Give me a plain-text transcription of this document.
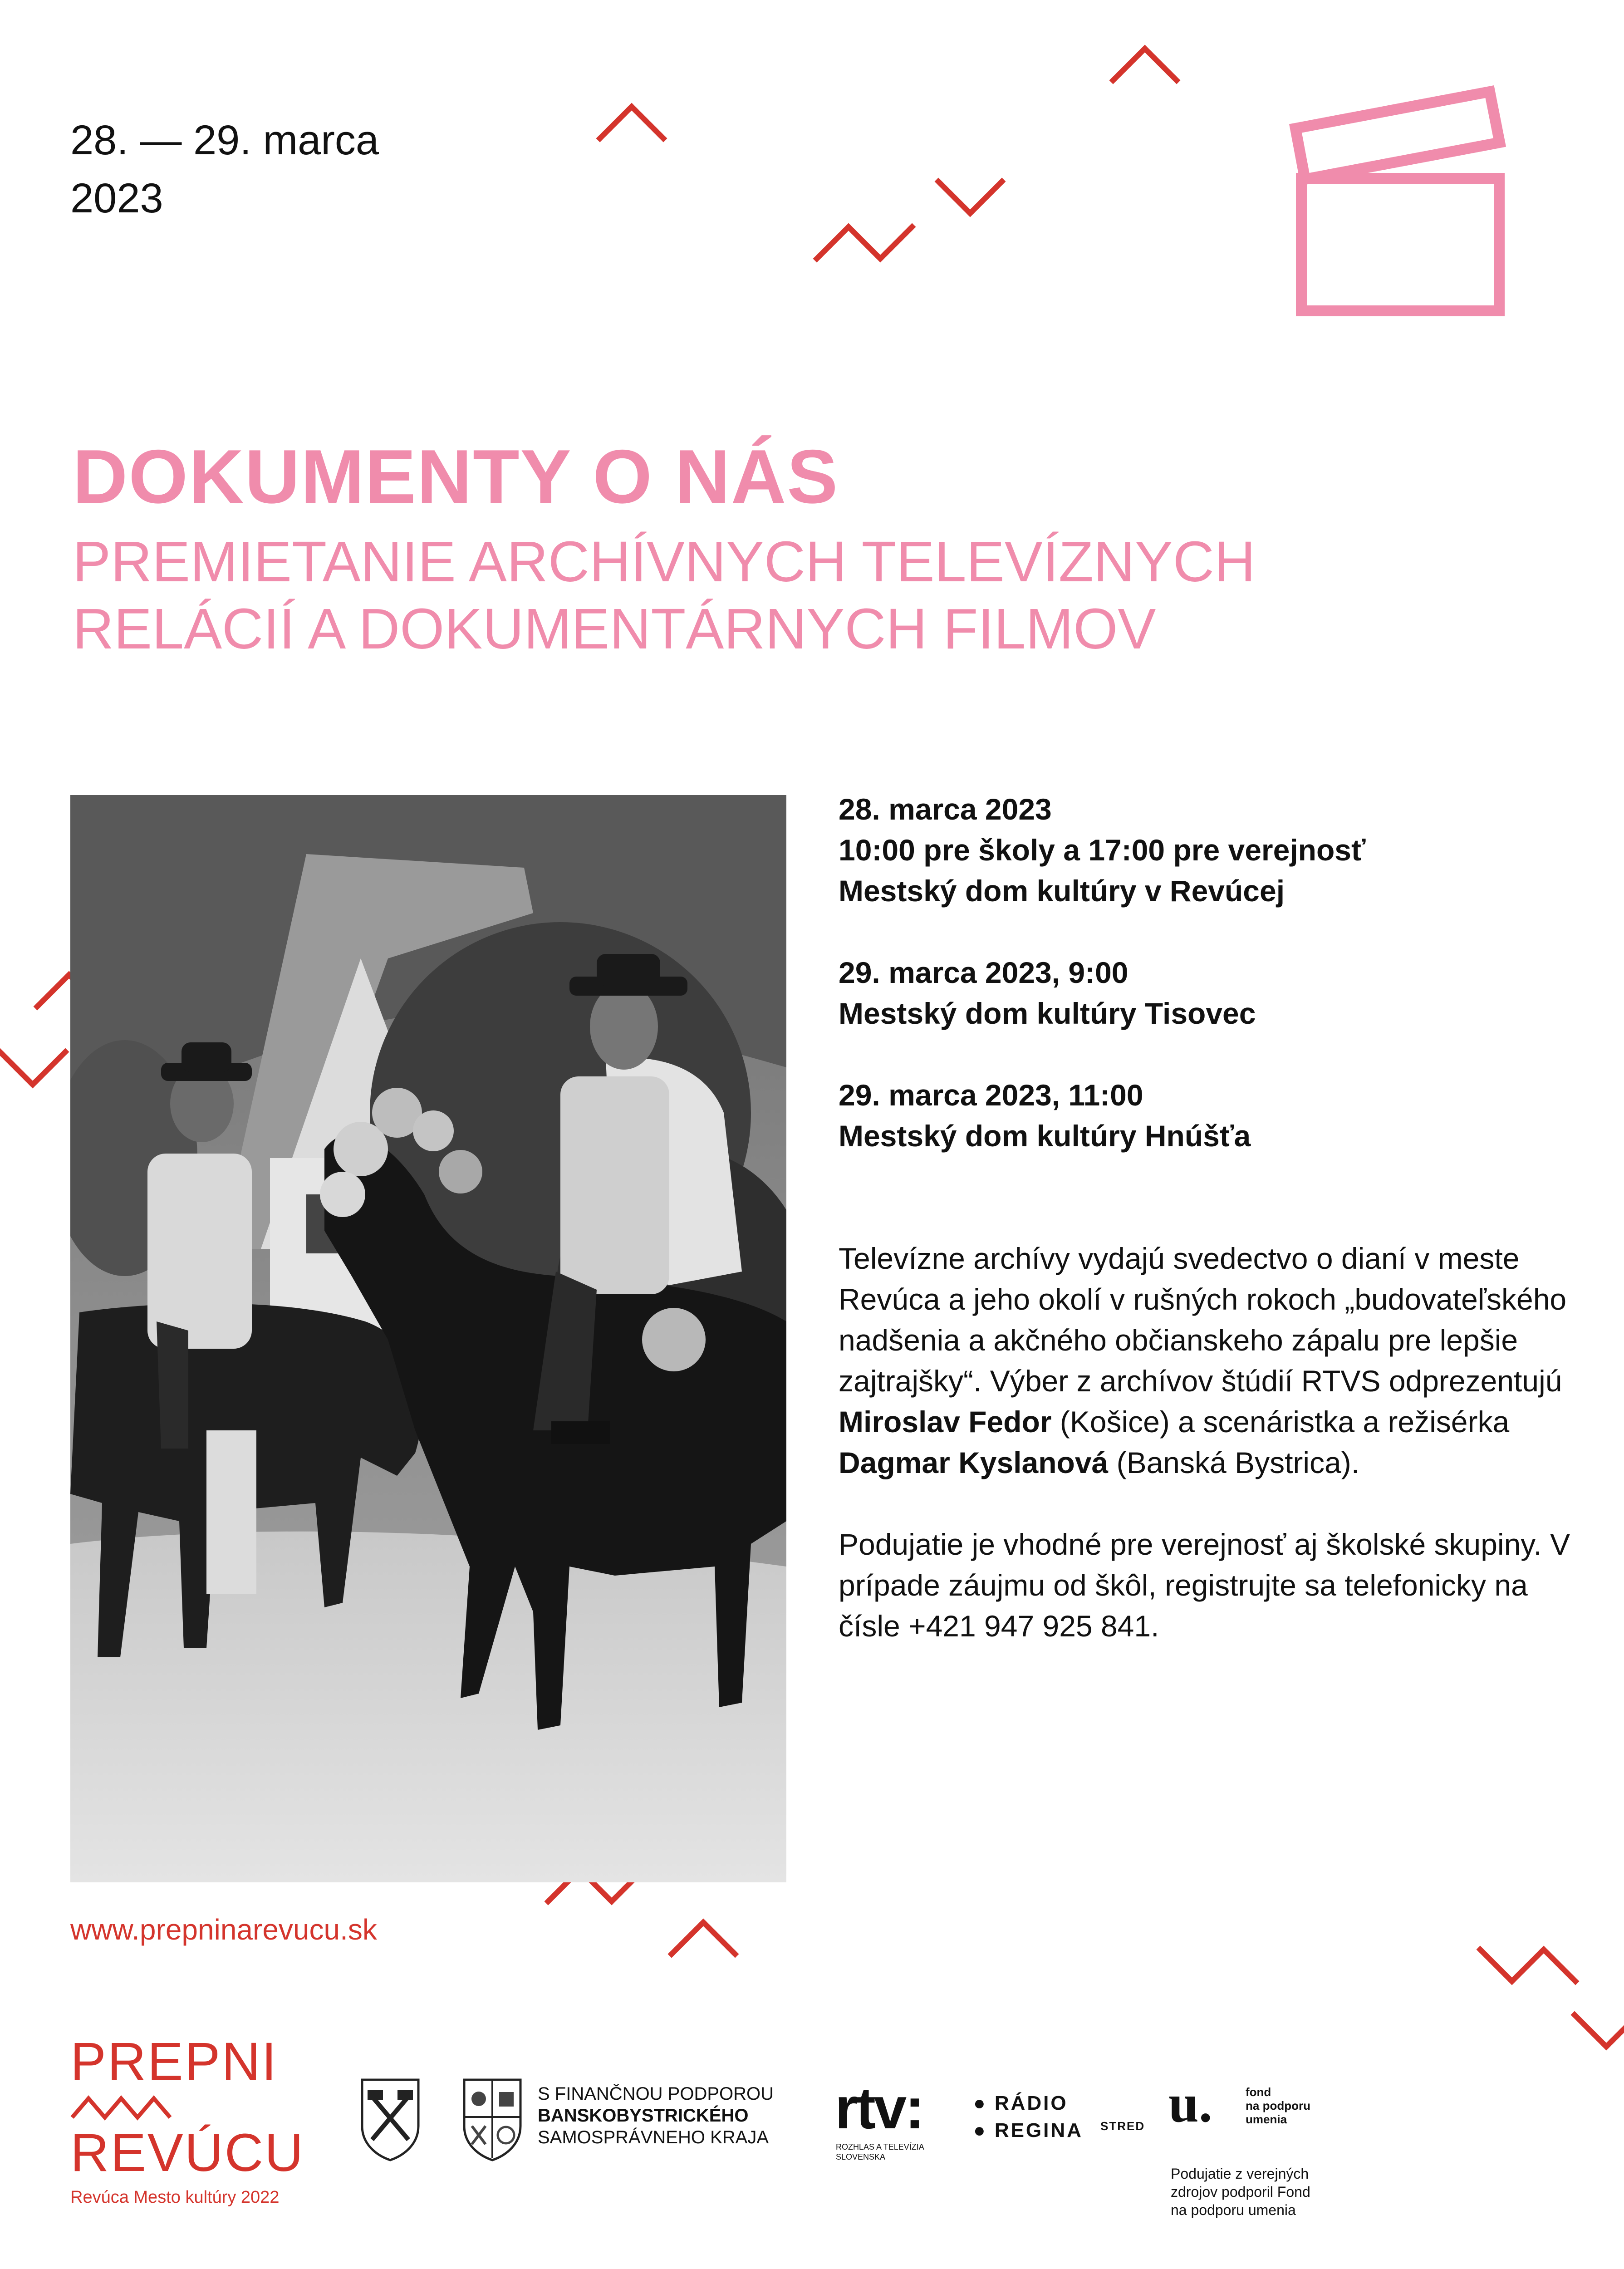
28. — 29. marca
2023
DOKUMENTY O NÁS
PREMIETANIE ARCHÍVNYCH TELEVÍZNYCH
RELÁCIÍ A DOKUMENTÁRNYCH FILMOV
28. marca 2023
10:00 pre školy a 17:00 pre verejnosť
Mestský dom kultúry v Revúcej
29. marca 2023, 9:00
Mestský dom kultúry Tisovec
29. marca 2023, 11:00
Mestský dom kultúry Hnúšťa

Televízne archívy vydajú svedectvo o dianí v meste Revúca a jeho okolí v rušných rokoch „budovateľského nadšenia a akčného občianskeho zápalu pre lepšie zajtrajšky“. Výber z archívov štúdií RTVS odprezentujú Miroslav Fedor (Košice) a scenáristka a režisérka Dagmar Kyslanová (Banská Bystrica).

Podujatie je vhodné pre verejnosť aj školské skupiny. V prípade záujmu od škôl, registrujte sa telefonicky na čísle +421 947 925 841.

www.prepninarevucu.sk
PREPNI
REVÚCU
Revúca Mesto kultúry 2022
S FINANČNOU PODPOROU
BANSKOBYSTRICKÉHO
SAMOSPRÁVNEHO KRAJA rtv:
ROZHLAS A TELEVÍZIA
SLOVENSKA
● RÁDIO
● REGINA STRED u.	fond
na podporu
umenia
Podujatie z verejných
zdrojov podporil Fond
na podporu umenia
